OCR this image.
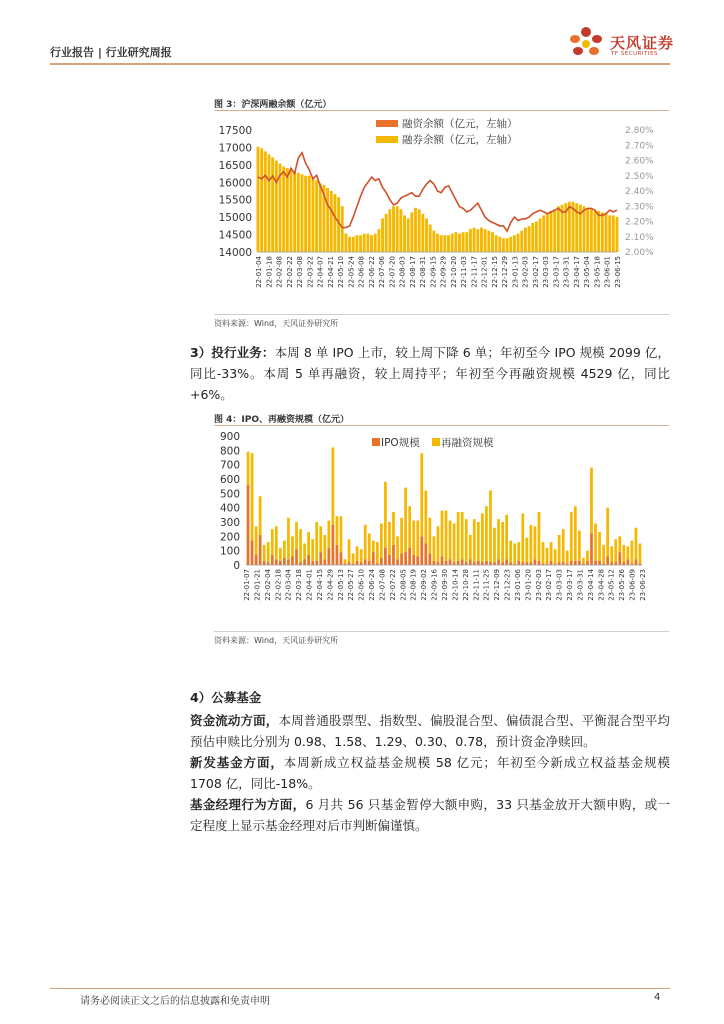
行业报告 | 行业研究周报
天风证券
TF SECURITIES
图 3：沪深两融余额（亿元）
17500
17000
16500
16000
15500
15000
14500
14000
2.80%
2.70%
2.60%
2.50%
2.40%
2.30%
2.20%
2.10%
2.00%
22-01-04 22-01-18 22-02-08 22-02-22 22-03-08 22-03-22 22-04-07 22-04-21 22-05-10 22-05-24 22-06-08 22-06-22 22-07-06 22-07-20 22-08-03 22-08-17 22-08-31 22-09-15 22-09-29 22-10-20 22-11-03 22-11-17 22-12-01 22-12-15 22-12-29 23-01-13 23-02-03 23-02-17 23-03-03 23-03-17 23-03-31 23-04-17 23-05-04 23-05-18 23-06-01 23-06-15
融资余额（亿元，左轴）
融券余额（亿元，左轴）
资料来源：Wind，天风证券研究所
3）投行业务：本周 8 单 IPO 上市，较上周下降 6 单；年初至今 IPO 规模 2099 亿，同比-33%。本周 5 单再融资，较上周持平；年初至今再融资规模 4529 亿，同比+6%。
图 4：IPO、再融资规模（亿元）
900
800
700
600
500
400
300
200
100
0
22-01-07 22-01-21 22-02-04 22-02-18 22-03-04 22-03-18 22-04-01 22-04-15 22-04-29 22-05-13 22-05-27 22-06-10 22-06-24 22-07-08 22-07-22 22-08-05 22-08-19 22-09-02 22-09-16 22-09-30 22-10-14 22-10-28 22-11-11 22-11-25 22-12-09 22-12-23 23-01-06 23-01-20 23-02-03 23-02-17 23-03-03 23-03-17 23-03-31 23-04-14 23-04-28 23-05-12 23-05-26 23-06-09 23-06-23
IPO规模 再融资规模
资料来源：Wind，天风证券研究所
4）公募基金
资金流动方面，本周普通股票型、指数型、偏股混合型、偏债混合型、平衡混合型平均预估申赎比分别为 0.98、1.58、1.29、0.30、0.78，预计资金净赎回。
新发基金方面，本周新成立权益基金规模 58 亿元；年初至今新成立权益基金规模 1708 亿，同比-18%。
基金经理行为方面，6 月共 56 只基金暂停大额申购，33 只基金放开大额申购，或一定程度上显示基金经理对后市判断偏谨慎。
请务必阅读正文之后的信息披露和免责申明	4
